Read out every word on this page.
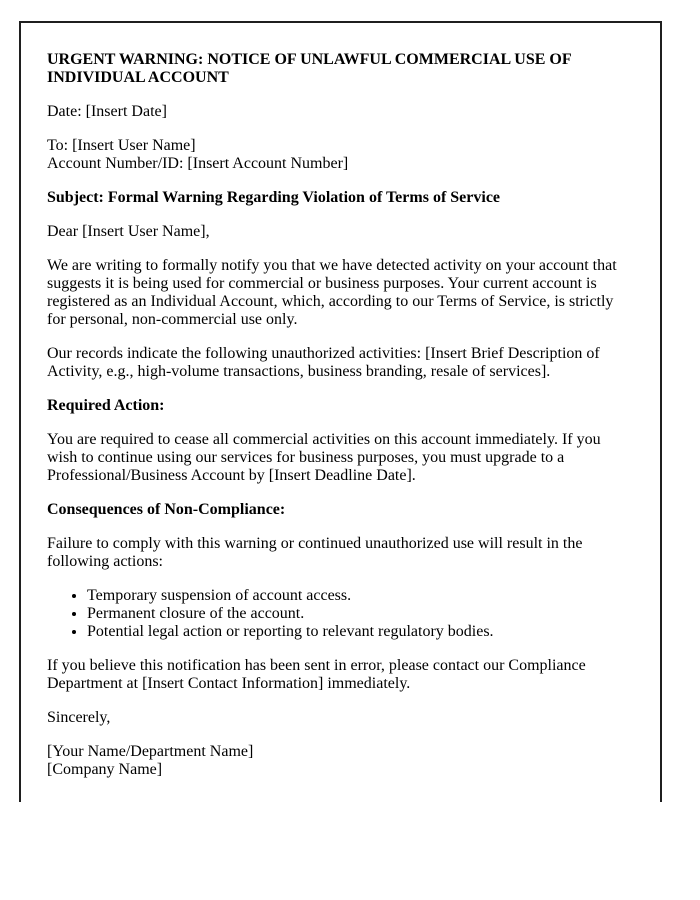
URGENT WARNING: NOTICE OF UNLAWFUL COMMERCIAL USE OF INDIVIDUAL ACCOUNT

Date: [Insert Date]

To: [Insert User Name]
Account Number/ID: [Insert Account Number]

Subject: Formal Warning Regarding Violation of Terms of Service

Dear [Insert User Name],

We are writing to formally notify you that we have detected activity on your account that suggests it is being used for commercial or business purposes. Your current account is registered as an Individual Account, which, according to our Terms of Service, is strictly for personal, non-commercial use only.

Our records indicate the following unauthorized activities: [Insert Brief Description of Activity, e.g., high-volume transactions, business branding, resale of services].

Required Action:

You are required to cease all commercial activities on this account immediately. If you wish to continue using our services for business purposes, you must upgrade to a Professional/Business Account by [Insert Deadline Date].

Consequences of Non-Compliance:

Failure to comply with this warning or continued unauthorized use will result in the following actions:

• Temporary suspension of account access.
• Permanent closure of the account.
• Potential legal action or reporting to relevant regulatory bodies.

If you believe this notification has been sent in error, please contact our Compliance Department at [Insert Contact Information] immediately.

Sincerely,

[Your Name/Department Name]
[Company Name]
